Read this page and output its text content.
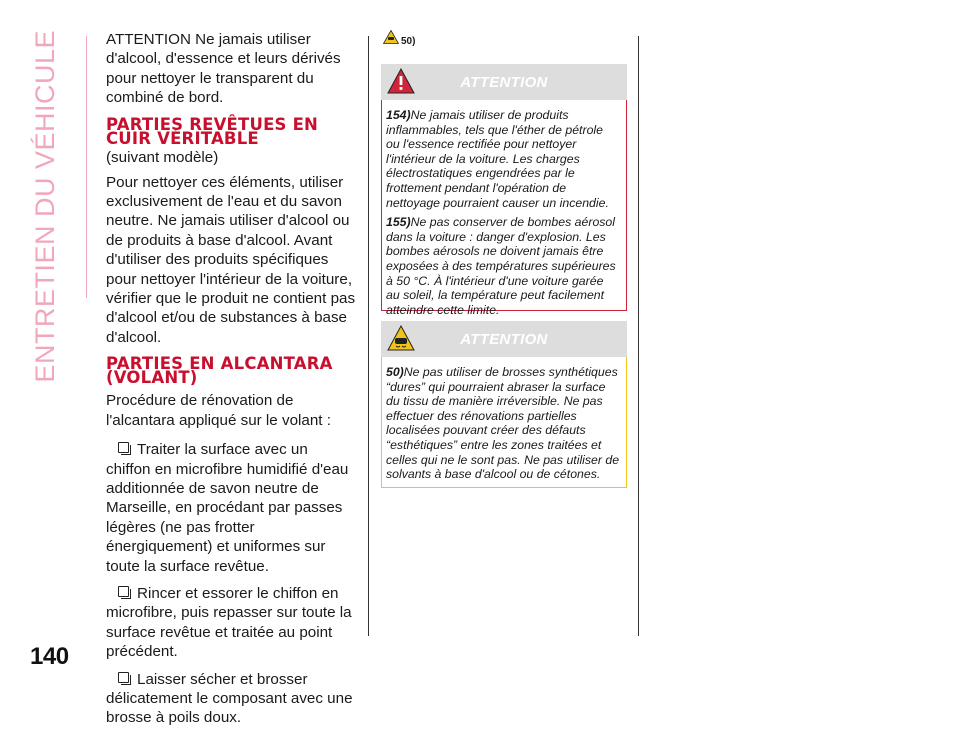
ENTRETIEN DU VÉHICULE
140

ATTENTION Ne jamais utiliser d'alcool, d'essence et leurs dérivés pour nettoyer le transparent du combiné de bord.

PARTIES REVÊTUES EN CUIR VÉRITABLE
(suivant modèle)

Pour nettoyer ces éléments, utiliser exclusivement de l'eau et du savon neutre. Ne jamais utiliser d'alcool ou de produits à base d'alcool. Avant d'utiliser des produits spécifiques pour nettoyer l'intérieur de la voiture, vérifier que le produit ne contient pas d'alcool et/ou de substances à base d'alcool.

PARTIES EN ALCANTARA (VOLANT)

Procédure de rénovation de l'alcantara appliqué sur le volant :

Traiter la surface avec un chiffon en microfibre humidifié d'eau additionnée de savon neutre de Marseille, en procédant par passes légères (ne pas frotter énergiquement) et uniformes sur toute la surface revêtue.
Rincer et essorer le chiffon en microfibre, puis repasser sur toute la surface revêtue et traitée au point précédent.
Laisser sécher et brosser délicatement le composant avec une brosse à poils doux.
50)
ATTENTION

154)Ne jamais utiliser de produits inflammables, tels que l'éther de pétrole ou l'essence rectifiée pour nettoyer l'intérieur de la voiture. Les charges électrostatiques engendrées par le frottement pendant l'opération de nettoyage pourraient causer un incendie.

155)Ne pas conserver de bombes aérosol dans la voiture : danger d'explosion. Les bombes aérosols ne doivent jamais être exposées à des températures supérieures à 50 °C. À l'intérieur d'une voiture garée au soleil, la température peut facilement atteindre cette limite.

ATTENTION

50)Ne pas utiliser de brosses synthétiques “dures” qui pourraient abraser la surface du tissu de manière irréversible. Ne pas effectuer des rénovations partielles localisées pouvant créer des défauts “esthétiques” entre les zones traitées et celles qui ne le sont pas. Ne pas utiliser de solvants à base d'alcool ou de cétones.
